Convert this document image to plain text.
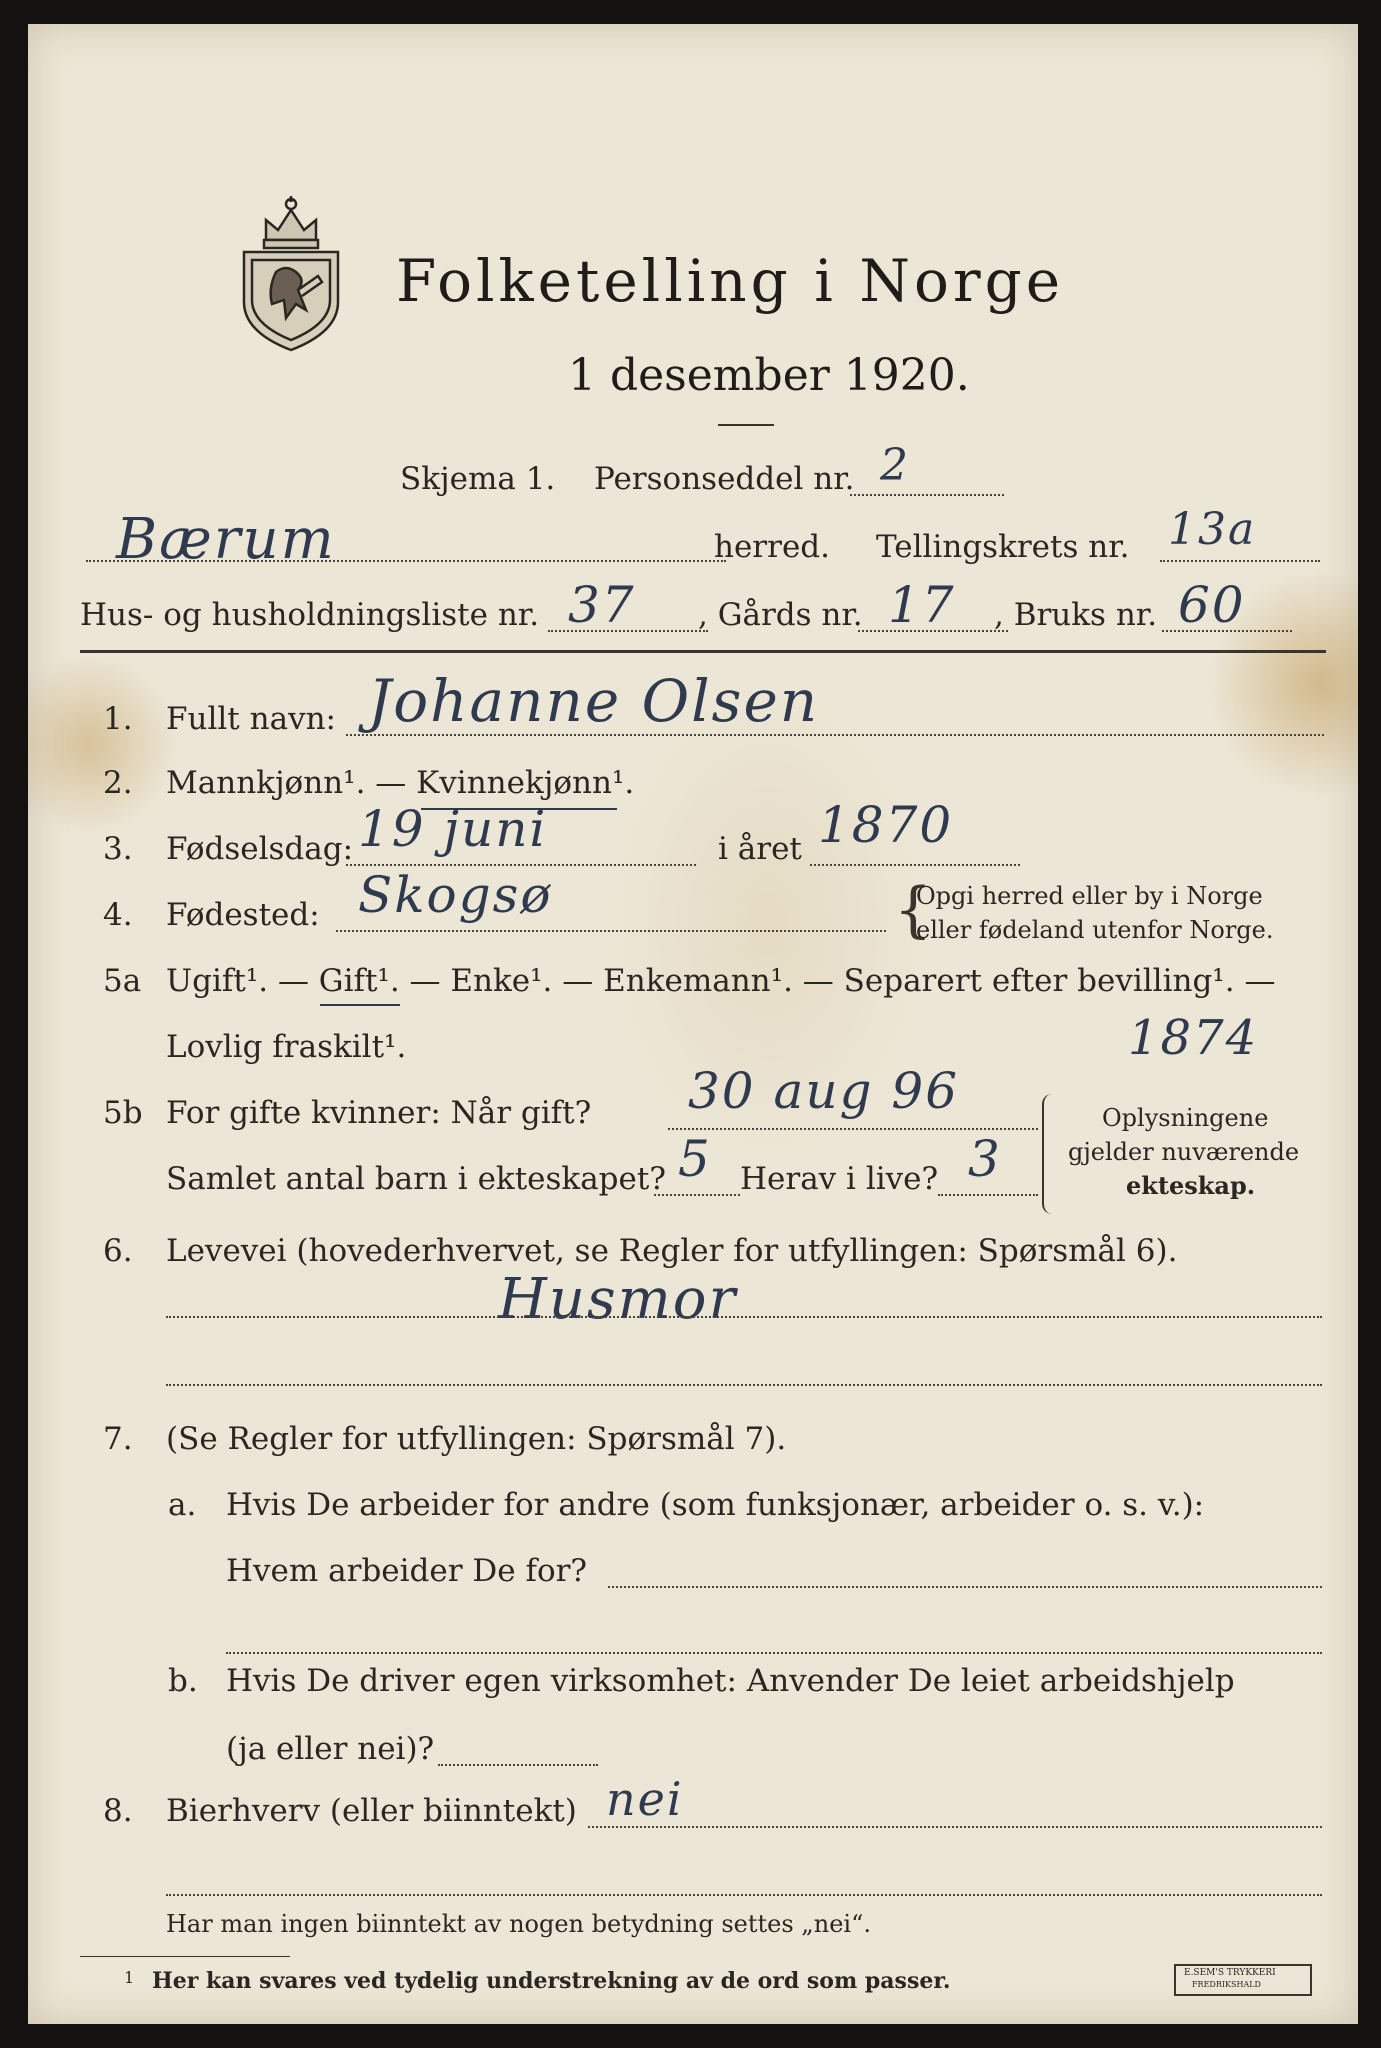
Folketelling i Norge
1 desember 1920.
Skjema 1. Personseddel nr. 2
Bærum	herred. Tellingskrets nr. 13a
Hus- og husholdningsliste nr. 37 , Gårds nr. 17 , Bruks nr. 60
1. Fullt navn: Johanne Olsen
2. Mannkjønn¹. — Kvinnekjønn¹.
3. Fødselsdag: 19 juni	i året 1870
4. Fødested: Skogsø	{
Opgi herred eller by i Norge
eller fødeland utenfor Norge.
5a Ugift¹. — Gift¹. — Enke¹. — Enkemann¹. — Separert efter bevilling¹. —
Lovlig fraskilt¹.	1874
5b For gifte kvinner: Når gift? 30 aug 96
Samlet antal barn i ekteskapet? 5 Herav i live? 3
Oplysningene
gjelder nuværende
ekteskap.
6. Levevei (hovederhvervet, se Regler for utfyllingen: Spørsmål 6).
Husmor
7. (Se Regler for utfyllingen: Spørsmål 7).
a. Hvis De arbeider for andre (som funksjonær, arbeider o. s. v.):
Hvem arbeider De for?
b. Hvis De driver egen virksomhet: Anvender De leiet arbeidshjelp
(ja eller nei)?
8. Bierhverv (eller biinntekt) nei
Har man ingen biinntekt av nogen betydning settes „nei“.
1 Her kan svares ved tydelig understrekning av de ord som passer.	E.SEM'S TRYKKERI
FREDRIKSHALD
